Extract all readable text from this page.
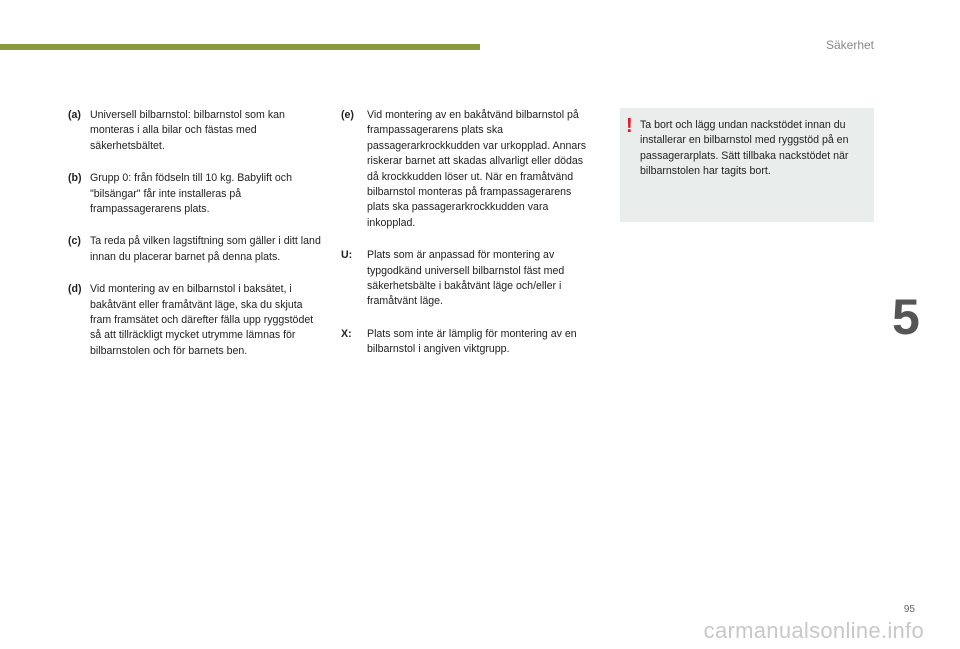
Säkerhet
5
(a) Universell bilbarnstol: bilbarnstol som kan monteras i alla bilar och fästas med säkerhetsbältet.
(b) Grupp 0: från födseln till 10 kg. Babylift och "bilsängar" får inte installeras på frampassagerarens plats.
(c) Ta reda på vilken lagstiftning som gäller i ditt land innan du placerar barnet på denna plats.
(d) Vid montering av en bilbarnstol i baksätet, i bakåtvänt eller framåtvänt läge, ska du skjuta fram framsätet och därefter fälla upp ryggstödet så att tillräckligt mycket utrymme lämnas för bilbarnstolen och för barnets ben.
(e)	Vid montering av en bakåtvänd bilbarnstol på frampassagerarens plats ska passagerarkrockkudden var urkopplad. Annars riskerar barnet att skadas allvarligt eller dödas då krockkudden löser ut. När en framåtvänd bilbarnstol monteras på frampassagerarens plats ska passagerarkrockkudden vara inkopplad.
U:	Plats som är anpassad för montering av typgodkänd universell bilbarnstol fäst med säkerhetsbälte i bakåtvänt läge och/eller i framåtvänt läge.
X:	Plats som inte är lämplig för montering av en bilbarnstol i angiven viktgrupp.
! Ta bort och lägg undan nackstödet innan du installerar en bilbarnstol med ryggstöd på en passagerarplats. Sätt tillbaka nackstödet när bilbarnstolen har tagits bort.
95
carmanualsonline.info
